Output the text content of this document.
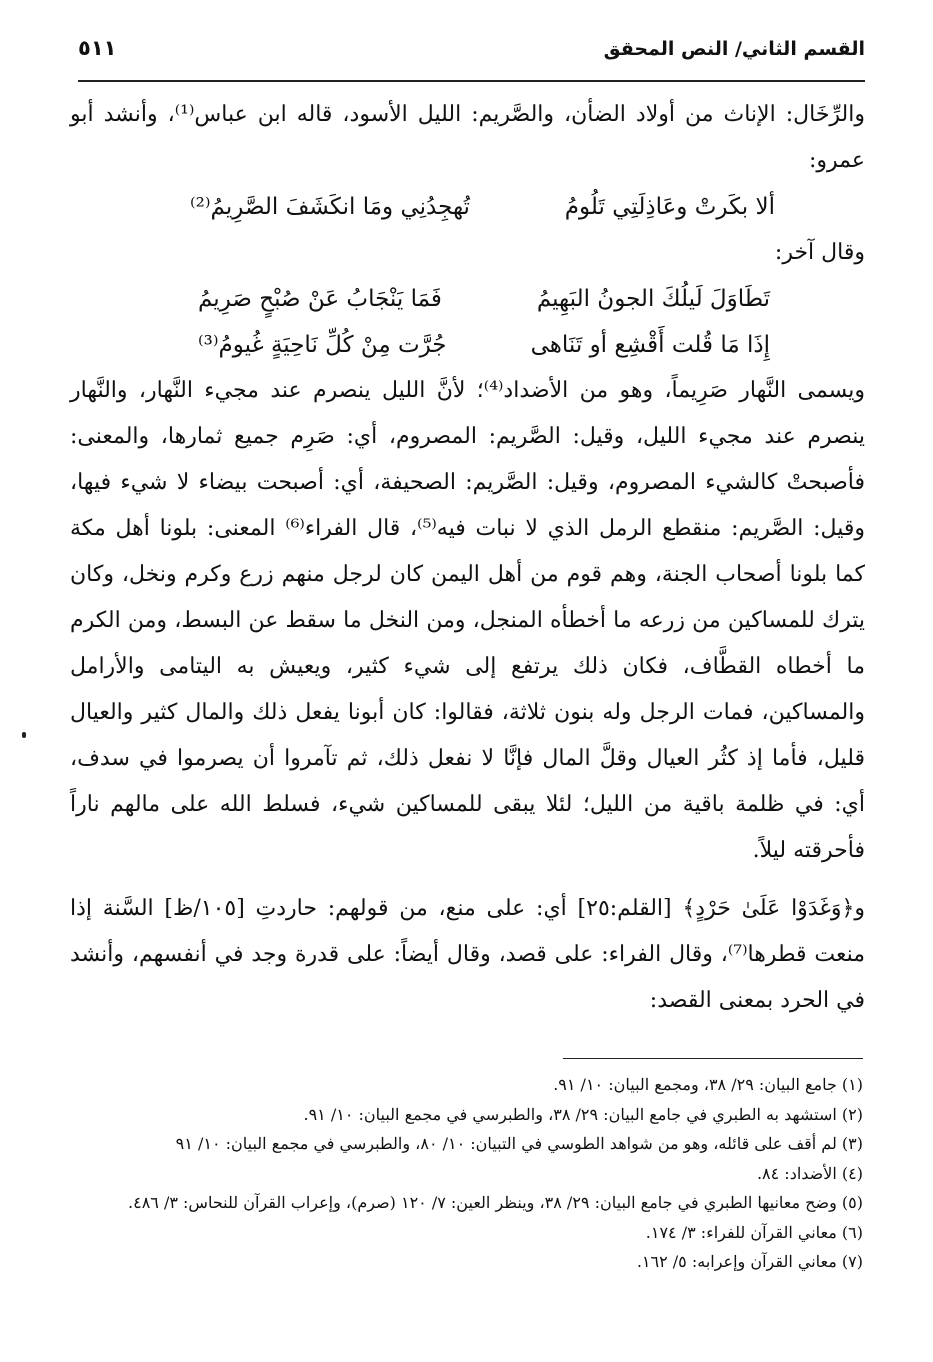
القسم الثاني/ النص المحقق
٥١١

والرِّخَال: الإناث من أولاد الضأن، والصَّريم: الليل الأسود، قاله ابن عباس⁽¹⁾، وأنشد أبو عمرو:

ألا بكَرتْ وعَاذِلَتِي تَلُومُ
تُهجِدُنِي ومَا انكَشَفَ الصَّرِيمُ⁽²⁾

وقال آخر:

تَطَاوَلَ لَيلُكَ الجونُ البَهِيمُ
فَمَا يَنْجَابُ عَنْ صُبْحٍ صَرِيمُ
إِذَا مَا قُلت أَقْشِع أو تَنَاهى
جُرَّت مِنْ كُلِّ نَاحِيَةٍ غُيومُ⁽³⁾

ويسمى النَّهار صَرِيماً، وهو من الأضداد⁽⁴⁾؛ لأنَّ الليل ينصرم عند مجيء النَّهار، والنَّهار ينصرم عند مجيء الليل، وقيل: الصَّريم: المصروم، أي: صَرِم جميع ثمارها، والمعنى: فأصبحتْ كالشيء المصروم، وقيل: الصَّريم: الصحيفة، أي: أصبحت بيضاء لا شيء فيها، وقيل: الصَّريم: منقطع الرمل الذي لا نبات فيه⁽⁵⁾، قال الفراء⁽⁶⁾ المعنى: بلونا أهل مكة كما بلونا أصحاب الجنة، وهم قوم من أهل اليمن كان لرجل منهم زرع وكرم ونخل، وكان يترك للمساكين من زرعه ما أخطأه المنجل، ومن النخل ما سقط عن البسط، ومن الكرم ما أخطاه القطَّاف، فكان ذلك يرتفع إلى شيء كثير، ويعيش به اليتامى والأرامل والمساكين، فمات الرجل وله بنون ثلاثة، فقالوا: كان أبونا يفعل ذلك والمال كثير والعيال قليل، فأما إذ كثُر العيال وقلَّ المال فإنَّا لا نفعل ذلك، ثم تآمروا أن يصرموا في سدف، أي: في ظلمة باقية من الليل؛ لئلا يبقى للمساكين شيء، فسلط الله على مالهم ناراً فأحرقته ليلاً.

و﴿وَغَدَوْا عَلَىٰ حَرْدٍ﴾ [القلم:٢٥] أي: على منع، من قولهم: حاردتِ [١٠٥/ظ] السَّنة إذا منعت قطرها⁽⁷⁾، وقال الفراء: على قصد، وقال أيضاً: على قدرة وجد في أنفسهم، وأنشد في الحرد بمعنى القصد:

(١) جامع البيان: ٢٩/ ٣٨، ومجمع البيان: ١٠/ ٩١.
(٢) استشهد به الطبري في جامع البيان: ٢٩/ ٣٨، والطبرسي في مجمع البيان: ١٠/ ٩١.
(٣) لم أقف على قائله، وهو من شواهد الطوسي في التبيان: ١٠/ ٨٠، والطبرسي في مجمع البيان: ١٠/ ٩١
(٤) الأضداد: ٨٤.
(٥) وضح معانيها الطبري في جامع البيان: ٢٩/ ٣٨، وينظر العين: ٧/ ١٢٠ (صرم)، وإعراب القرآن للنحاس: ٣/ ٤٨٦.
(٦) معاني القرآن للفراء: ٣/ ١٧٤.
(٧) معاني القرآن وإعرابه: ٥/ ١٦٢.
